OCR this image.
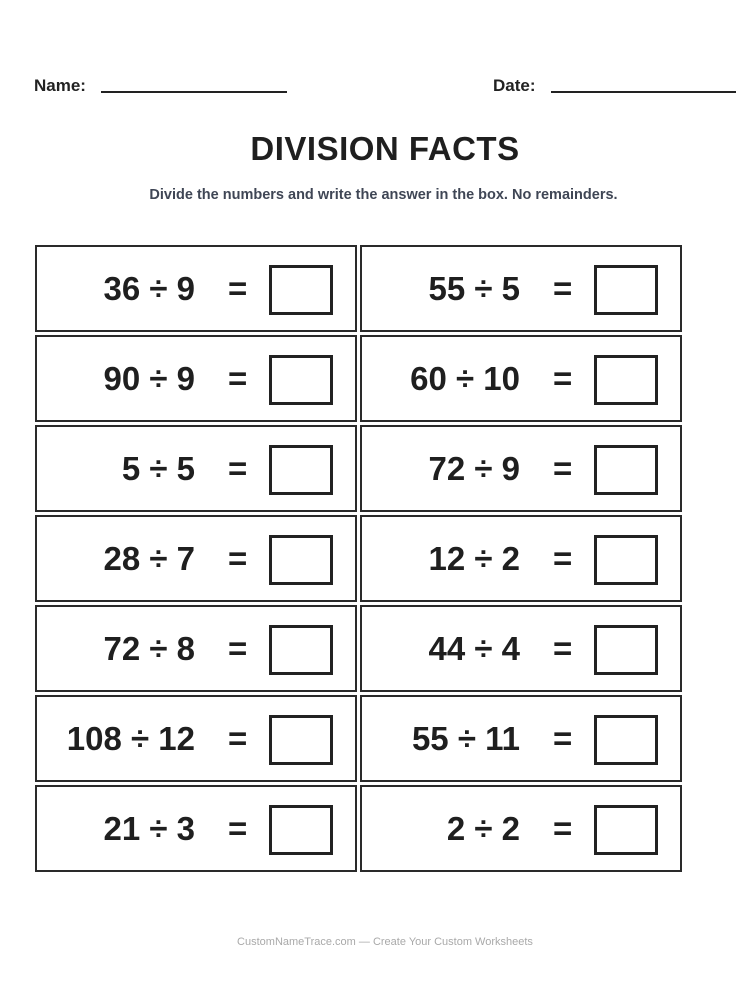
Name:	Date:
DIVISION FACTS
Divide the numbers and write the answer in the box. No remainders.
36 ÷ 9 =	55 ÷ 5 =
90 ÷ 9 =	60 ÷ 10 =
5 ÷ 5 =	72 ÷ 9 =
28 ÷ 7 =	12 ÷ 2 =
72 ÷ 8 =	44 ÷ 4 =
108 ÷ 12 =	55 ÷ 11 =
21 ÷ 3 =	2 ÷ 2 =
CustomNameTrace.com — Create Your Custom Worksheets
